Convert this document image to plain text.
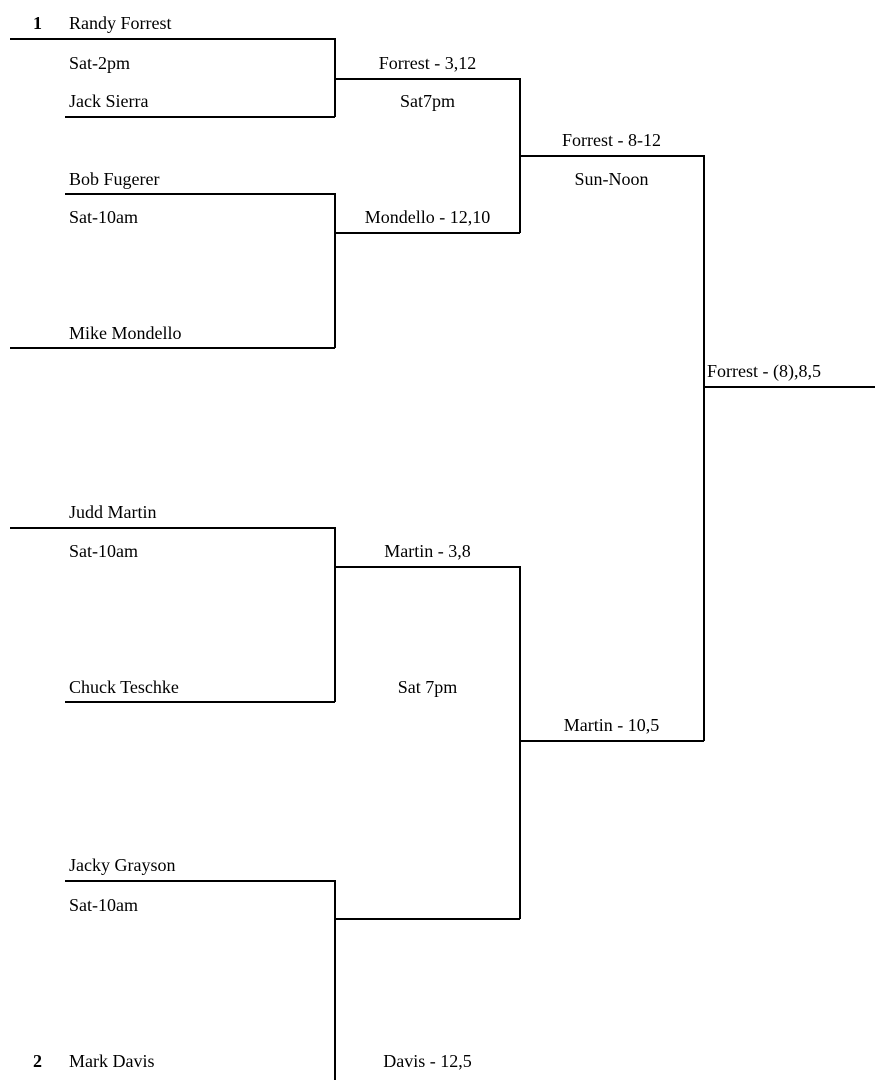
1 Randy Forrest
Sat-2pm
Jack Sierra
Bob Fugerer
Sat-10am
Mike Mondello
Judd Martin
Sat-10am
Chuck Teschke
Jacky Grayson
Sat-10am
2 Mark Davis
Forrest - 3,12
Sat7pm
Mondello - 12,10
Martin - 3,8
Sat 7pm
Davis - 12,5
Forrest - 8-12
Sun-Noon
Martin - 10,5
Forrest - (8),8,5
